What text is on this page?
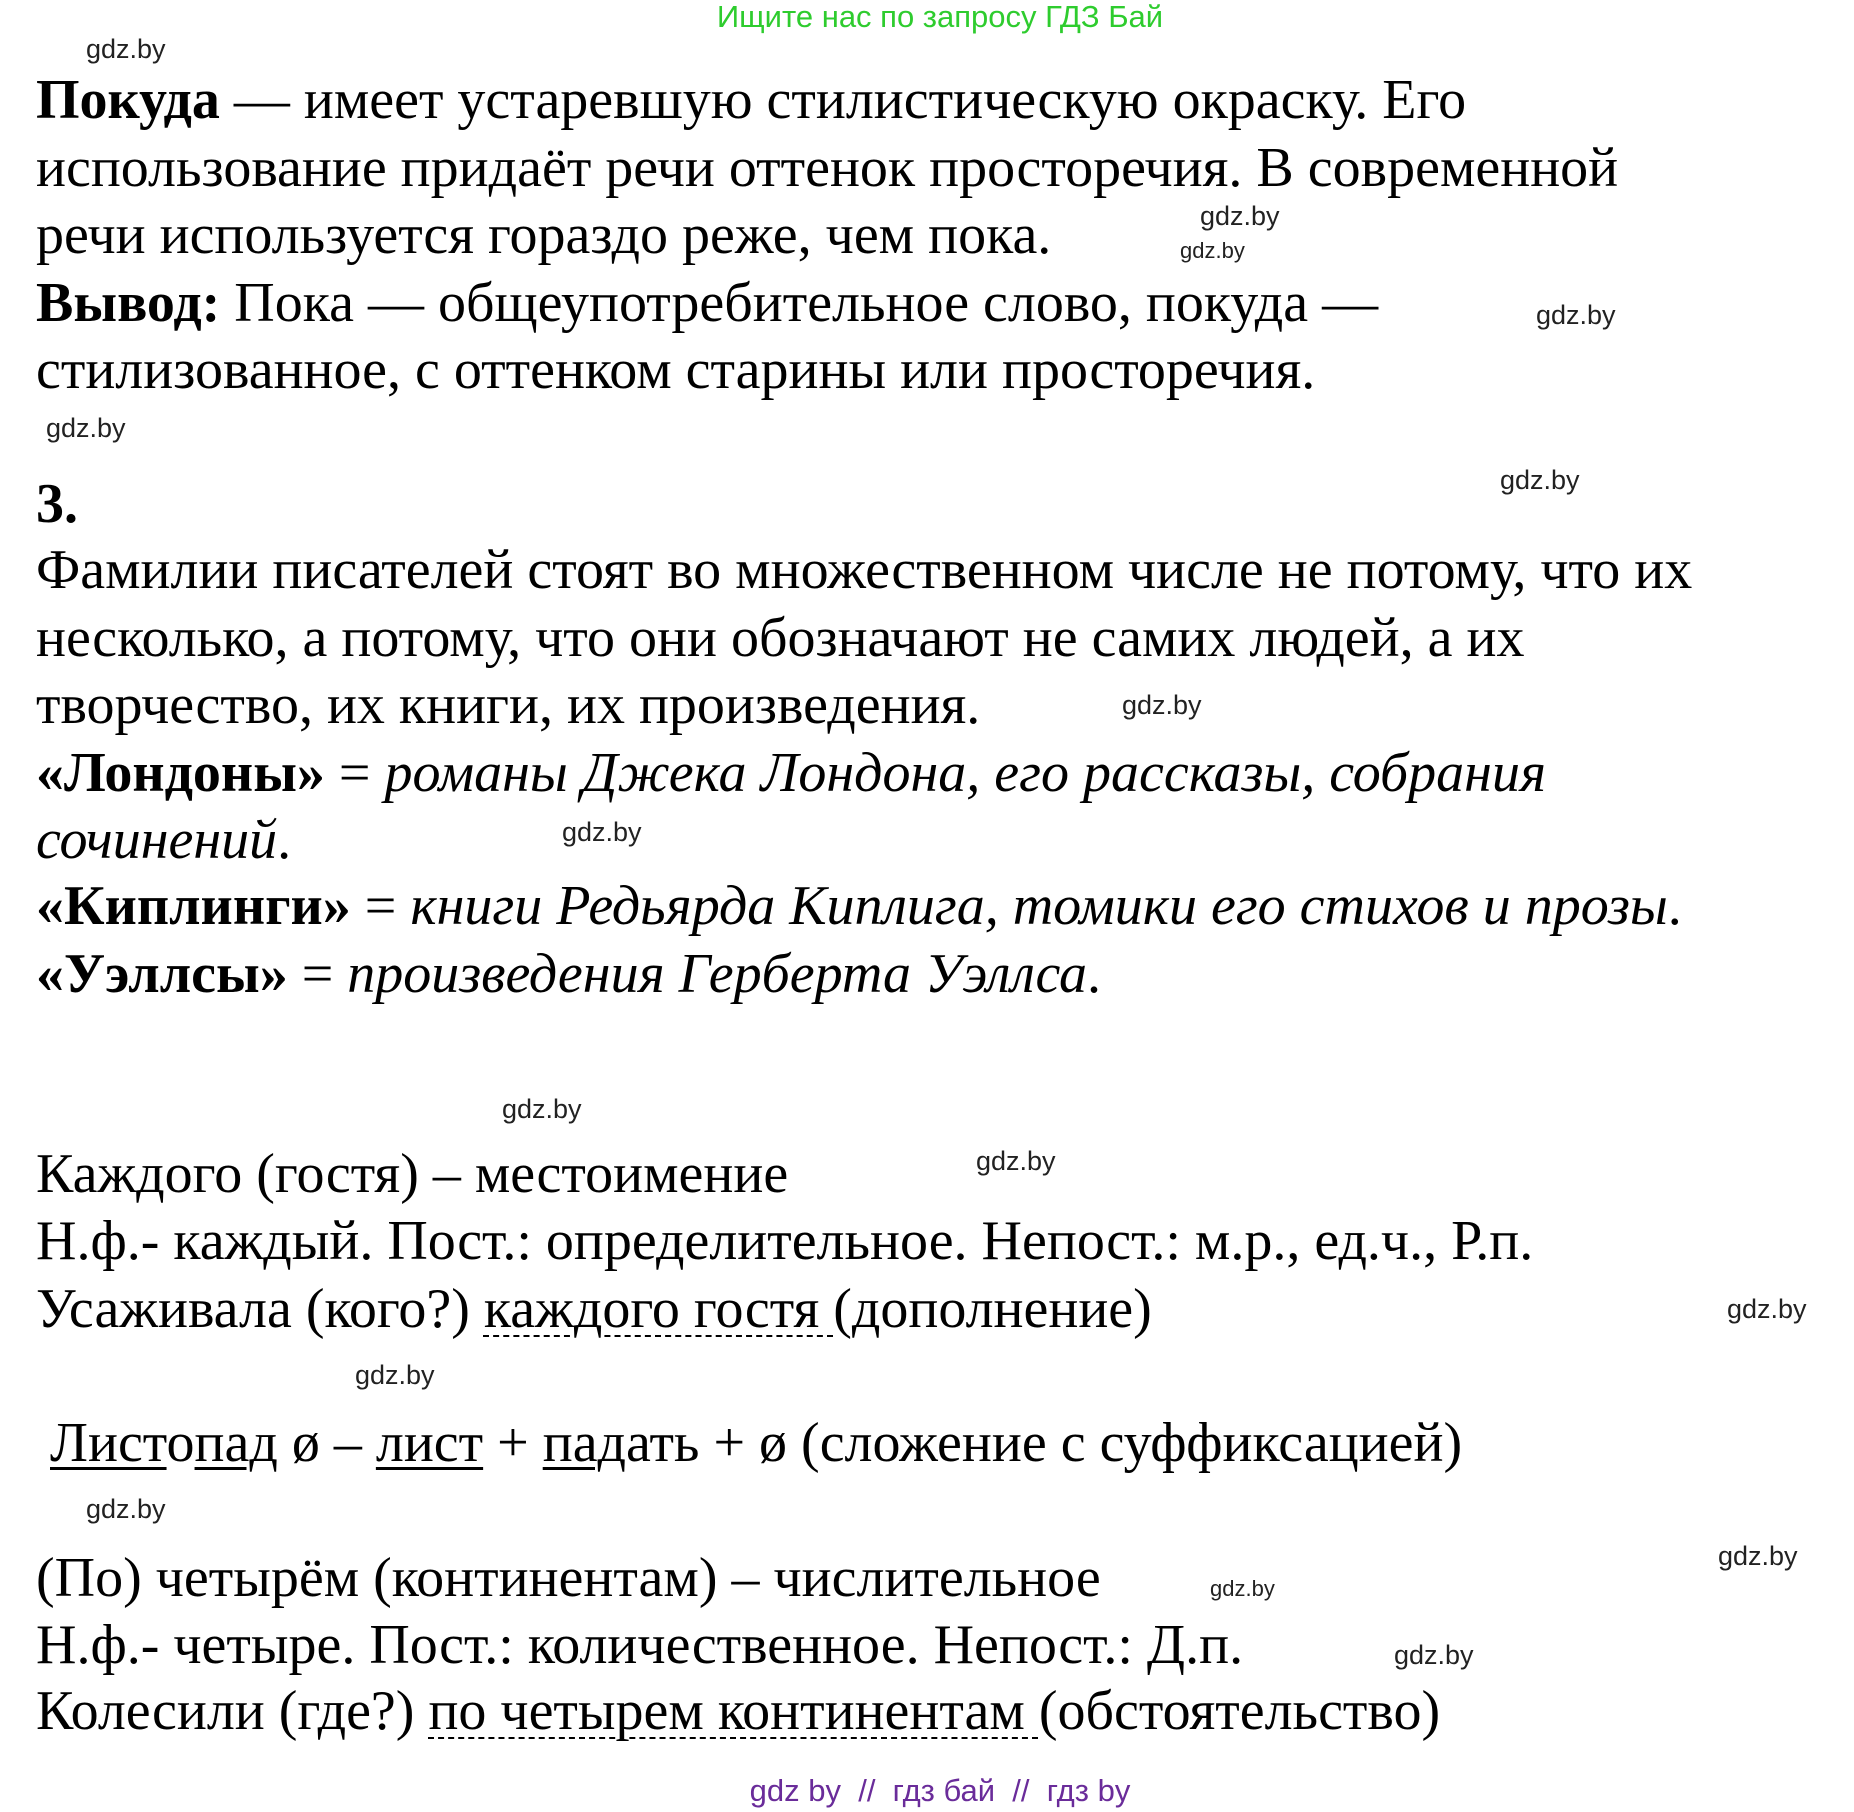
Ищите нас по запросу ГДЗ Бай
Покуда — имеет устаревшую стилистическую окраску. Его
использование придаёт речи оттенок просторечия. В современной
речи используется гораздо реже, чем пока.
Вывод: Пока — общеупотребительное слово, покуда —
стилизованное, с оттенком старины или просторечия.
3.
Фамилии писателей стоят во множественном числе не потому, что их
несколько, а потому, что они обозначают не самих людей, а их
творчество, их книги, их произведения.
«Лондоны» = романы Джека Лондона, его рассказы, собрания
сочинений.
«Киплинги» = книги Редьярда Киплига, томики его стихов и прозы.
«Уэллсы» = произведения Герберта Уэллса.
Каждого (гостя) – местоимение
Н.ф.- каждый. Пост.: определительное. Непост.: м.р., ед.ч., Р.п.
Усаживала (кого?) каждого гостя (дополнение)
Листопад ø – лист + падать + ø (сложение с суффиксацией)
(По) четырём (континентам) – числительное
Н.ф.- четыре. Пост.: количественное. Непост.: Д.п.
Колесили (где?) по четырем континентам (обстоятельство)
gdz.by
gdz.by
gdz.by
gdz.by
gdz.by
gdz.by
gdz.by
gdz.by
gdz.by
gdz.by
gdz.by
gdz.by
gdz.by
gdz.by
gdz.by
gdz.by
gdz by  //  гдз бай  //  гдз by
